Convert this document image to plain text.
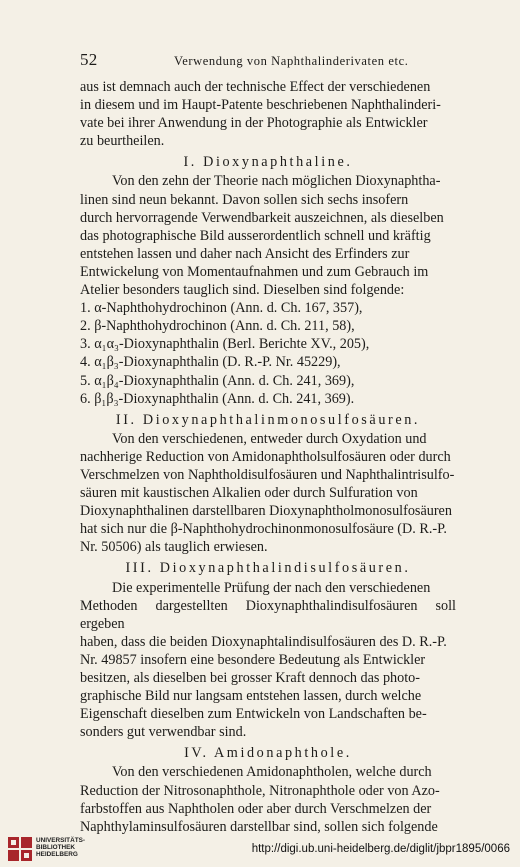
52	Verwendung von Naphthalinderivaten etc.

aus ist demnach auch der technische Effect der verschiedenen
in diesem und im Haupt-Patente beschriebenen Naphthalinderi-
vate bei ihrer Anwendung in der Photographie als Entwickler
zu beurtheilen.

I. Dioxynaphthaline.

Von den zehn der Theorie nach möglichen Dioxynaphtha-
linen sind neun bekannt. Davon sollen sich sechs insofern
durch hervorragende Verwendbarkeit auszeichnen, als dieselben
das photographische Bild ausserordentlich schnell und kräftig
entstehen lassen und daher nach Ansicht des Erfinders zur
Entwickelung von Momentaufnahmen und zum Gebrauch im
Atelier besonders tauglich sind. Dieselben sind folgende:

1. α-Naphthohydrochinon (Ann. d. Ch. 167, 357),
2. β-Naphthohydrochinon (Ann. d. Ch. 211, 58),
3. α₁α₃-Dioxynaphthalin (Berl. Berichte XV., 205),
4. α₁β₃-Dioxynaphthalin (D. R.-P. Nr. 45229),
5. α₁β₄-Dioxynaphthalin (Ann. d. Ch. 241, 369),
6. β₁β₃-Dioxynaphthalin (Ann. d. Ch. 241, 369).
II. Dioxynaphthalinmonosulfosäuren.

Von den verschiedenen, entweder durch Oxydation und
nachherige Reduction von Amidonaphtholsulfosäuren oder durch
Verschmelzen von Naphtholdisulfosäuren und Naphthalintrisulfo-
säuren mit kaustischen Alkalien oder durch Sulfuration von
Dioxynaphthalinen darstellbaren Dioxynaphtholmonosulfosäuren
hat sich nur die β-Naphthohydrochinonmonosulfosäure (D. R.-P.
Nr. 50506) als tauglich erwiesen.

III. Dioxynaphthalindisulfosäuren.

Die experimentelle Prüfung der nach den verschiedenen
Methoden dargestellten Dioxynaphthalindisulfosäuren soll ergeben
haben, dass die beiden Dioxynaphtalindisulfosäuren des D. R.-P.
Nr. 49857 insofern eine besondere Bedeutung als Entwickler
besitzen, als dieselben bei grosser Kraft dennoch das photo-
graphische Bild nur langsam entstehen lassen, durch welche
Eigenschaft dieselben zum Entwickeln von Landschaften be-
sonders gut verwendbar sind.

IV. Amidonaphthole.

Von den verschiedenen Amidonaphtholen, welche durch
Reduction der Nitrosonaphthole, Nitronaphthole oder von Azo-
farbstoffen aus Naphtholen oder aber durch Verschmelzen der
Naphthylaminsulfosäuren darstellbar sind, sollen sich folgende

UNIVERSITÄTS-
BIBLIOTHEK
HEIDELBERG	http://digi.ub.uni-heidelberg.de/diglit/jbpr1895/0066
